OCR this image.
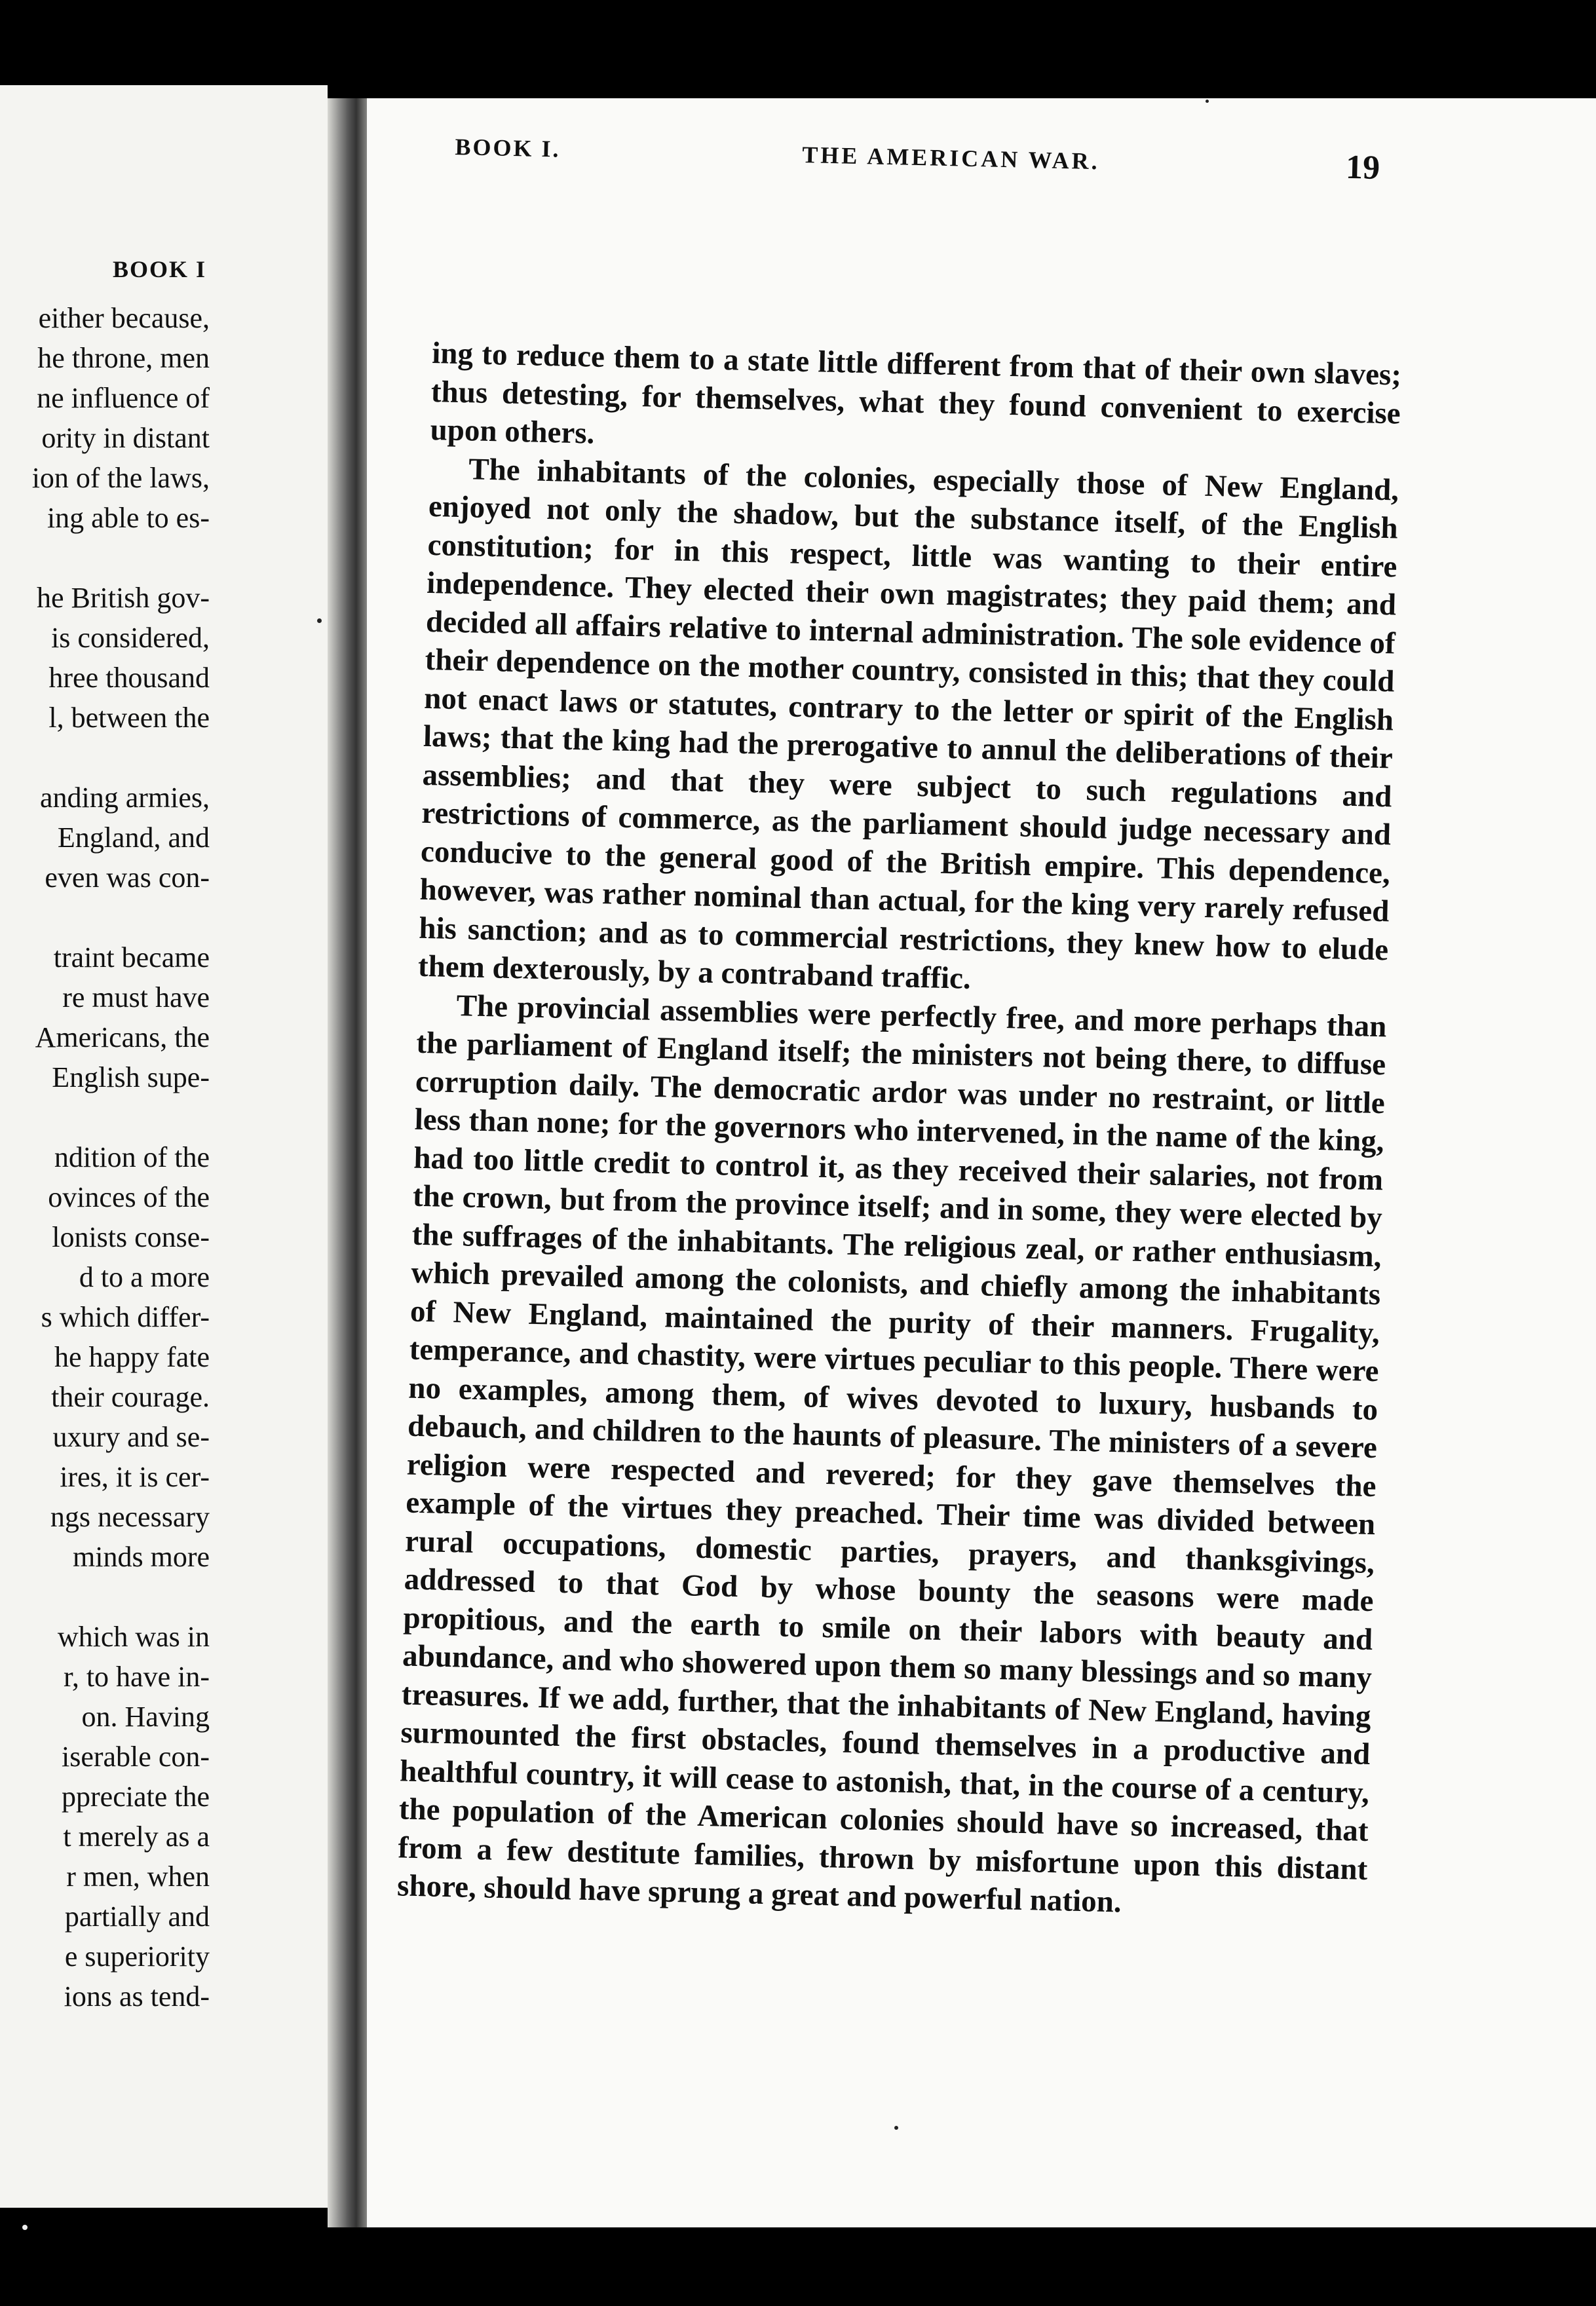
BOOK I
either because,
he throne, men
ne influence of
ority in distant
ion of the laws,
ing able to es-
he British gov-
is considered,
hree thousand
l, between the
anding armies,
England, and
even was con-
traint became
re must have
Americans, the
English supe-
ndition of the
ovinces of the
lonists conse-
d to a more
s which differ-
he happy fate
their courage.
uxury and se-
ires, it is cer-
ngs necessary
minds more
which was in
r, to have in-
on. Having
iserable con-
ppreciate the
t merely as a
r men, when
partially and
e superiority
ions as tend-
BOOK I.	THE AMERICAN WAR.	19

ing to reduce them to a state little different from that of their own slaves; thus detesting, for themselves, what they found convenient to exercise upon others.

The inhabitants of the colonies, especially those of New England, enjoyed not only the shadow, but the substance itself, of the English constitution; for in this respect, little was wanting to their entire independence. They elected their own magistrates; they paid them; and decided all affairs relative to internal administration. The sole evidence of their dependence on the mother country, consisted in this; that they could not enact laws or statutes, contrary to the letter or spirit of the English laws; that the king had the prerogative to annul the deliberations of their assemblies; and that they were subject to such regulations and restrictions of commerce, as the parliament should judge necessary and conducive to the general good of the British empire. This dependence, however, was rather nominal than actual, for the king very rarely refused his sanction; and as to commercial restrictions, they knew how to elude them dexterously, by a contraband traffic.

The provincial assemblies were perfectly free, and more perhaps than the parliament of England itself; the ministers not being there, to diffuse corruption daily. The democratic ardor was under no restraint, or little less than none; for the governors who intervened, in the name of the king, had too little credit to control it, as they received their salaries, not from the crown, but from the province itself; and in some, they were elected by the suffrages of the inhabitants. The religious zeal, or rather enthusiasm, which prevailed among the colonists, and chiefly among the inhabitants of New England, maintained the purity of their manners. Frugality, temperance, and chastity, were virtues peculiar to this people. There were no examples, among them, of wives devoted to luxury, husbands to debauch, and children to the haunts of pleasure. The ministers of a severe religion were respected and revered; for they gave themselves the example of the virtues they preached. Their time was divided between rural occupations, domestic parties, prayers, and thanksgivings, addressed to that God by whose bounty the seasons were made propitious, and the earth to smile on their labors with beauty and abundance, and who showered upon them so many blessings and so many treasures. If we add, further, that the inhabitants of New England, having surmounted the first obstacles, found themselves in a productive and healthful country, it will cease to astonish, that, in the course of a century, the population of the American colonies should have so increased, that from a few destitute families, thrown by misfortune upon this distant shore, should have sprung a great and powerful nation.
